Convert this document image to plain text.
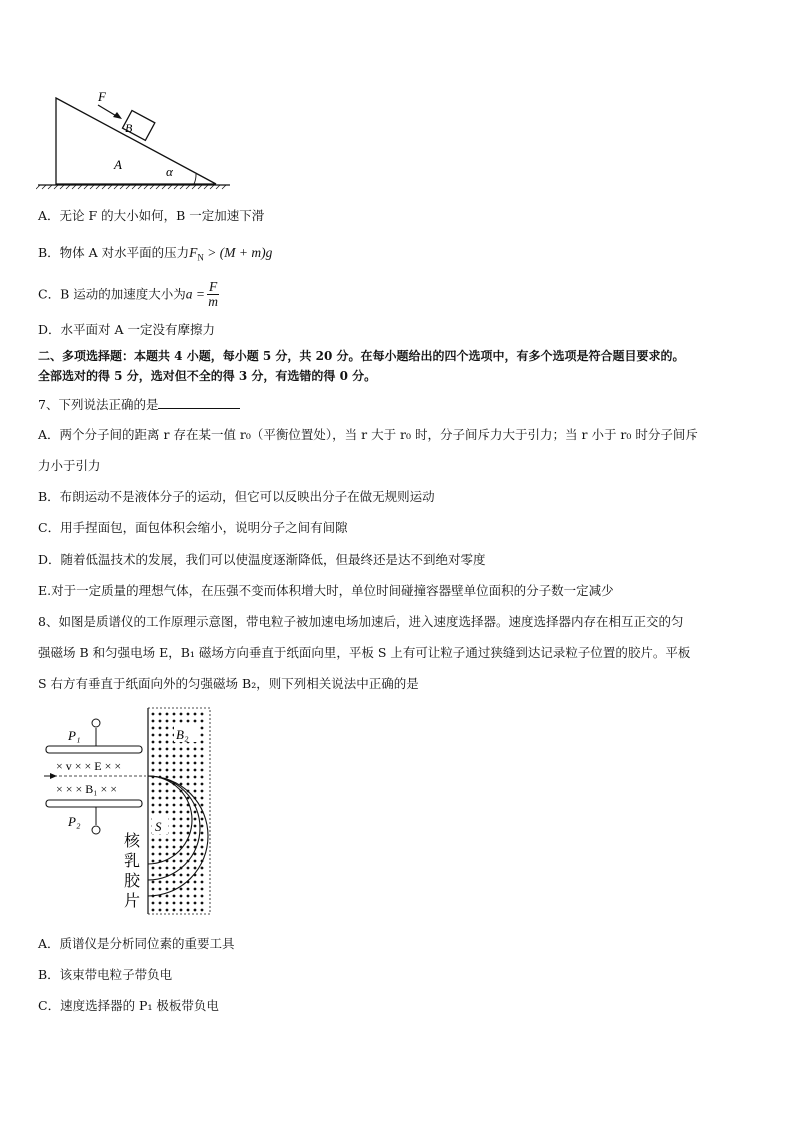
F
B
A	α
A．无论 F 的大小如何，B 一定加速下滑
B．物体 A 对水平面的压力$F_N > (M + m)g$
C．B 运动的加速度大小为$a = \frac{F}{m}$
D．水平面对 A 一定没有摩擦力
二、多项选择题：本题共 4 小题，每小题 5 分，共 20 分。在每小题给出的四个选项中，有多个选项是符合题目要求的。
全部选对的得 5 分，选对但不全的得 3 分，有选错的得 0 分。
7、下列说法正确的是
A．两个分子间的距离 r 存在某一值 r₀（平衡位置处），当 r 大于 r₀ 时，分子间斥力大于引力；当 r 小于 r₀ 时分子间斥
力小于引力
B．布朗运动不是液体分子的运动，但它可以反映出分子在做无规则运动
C．用手捏面包，面包体积会缩小，说明分子之间有间隙
D．随着低温技术的发展，我们可以使温度逐渐降低，但最终还是达不到绝对零度
E.对于一定质量的理想气体，在压强不变而体积增大时，单位时间碰撞容器壁单位面积的分子数一定减少
8、如图是质谱仪的工作原理示意图，带电粒子被加速电场加速后，进入速度选择器。速度选择器内存在相互正交的匀
强磁场 B 和匀强电场 E，B₁ 磁场方向垂直于纸面向里，平板 S 上有可让粒子通过狭缝到达记录粒子位置的胶片。平板
S 右方有垂直于纸面向外的匀强磁场 B₂，则下列相关说法中正确的是
P₁
P₂
× v × × E × ×
× × × B₁ × ×
B₂
S
核
乳
胶
片
A．质谱仪是分析同位素的重要工具
B．该束带电粒子带负电
C．速度选择器的 P₁ 极板带负电
